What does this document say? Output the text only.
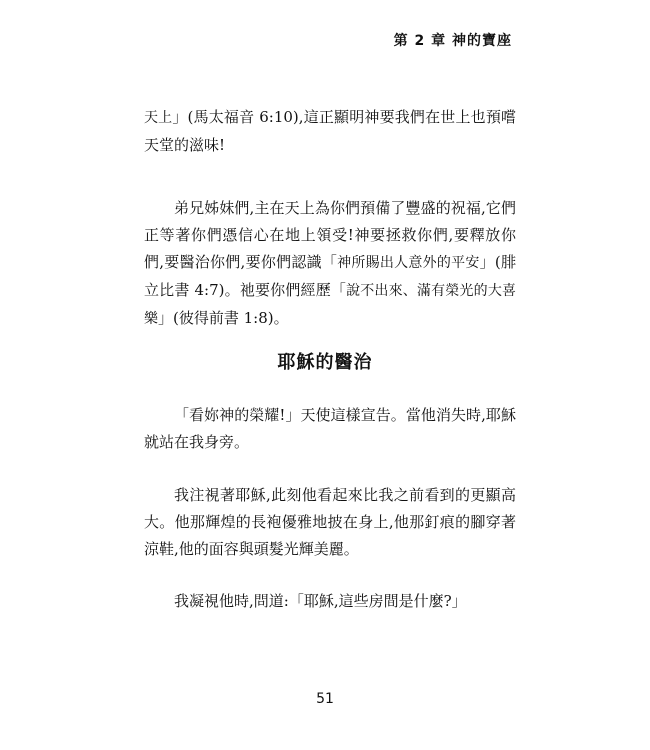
第 2 章 神的寶座

天上」(馬太福音 6:10),這正顯明神要我們在世上也預嚐天堂的滋味!

弟兄姊妹們,主在天上為你們預備了豐盛的祝福,它們正等著你們憑信心在地上領受!神要拯救你們,要釋放你們,要醫治你們,要你們認識「神所賜出人意外的平安」(腓立比書 4:7)。祂要你們經歷「說不出來、滿有榮光的大喜樂」(彼得前書 1:8)。

耶穌的醫治

「看妳神的榮耀!」天使這樣宣告。當他消失時,耶穌就站在我身旁。

我注視著耶穌,此刻他看起來比我之前看到的更顯高大。他那輝煌的長袍優雅地披在身上,他那釘痕的腳穿著涼鞋,他的面容與頭髮光輝美麗。

我凝視他時,問道:「耶穌,這些房間是什麼?」

51
